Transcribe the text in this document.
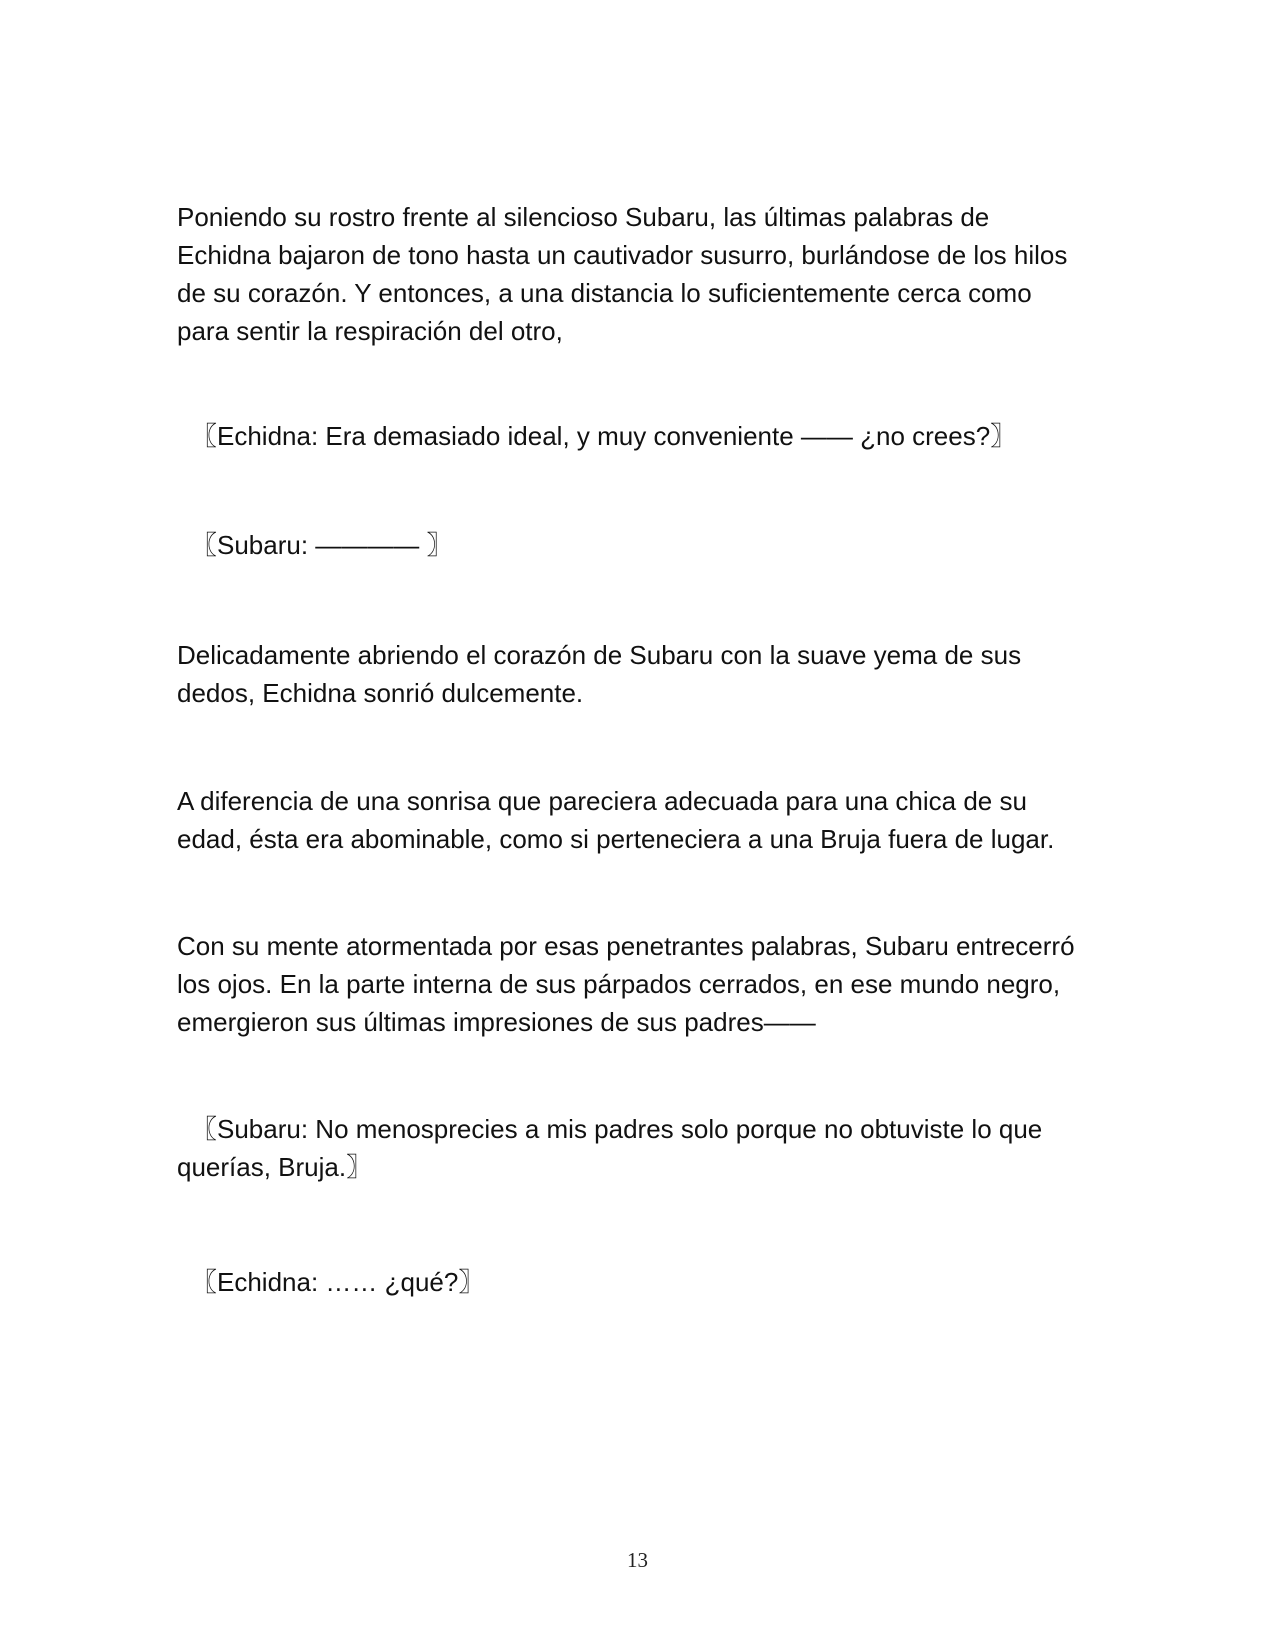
Poniendo su rostro frente al silencioso Subaru, las últimas palabras de
Echidna bajaron de tono hasta un cautivador susurro, burlándose de los hilos
de su corazón. Y entonces, a una distancia lo suficientemente cerca como
para sentir la respiración del otro,
〖Echidna: Era demasiado ideal, y muy conveniente —— ¿no crees?〗
〖Subaru: ———— 〗
Delicadamente abriendo el corazón de Subaru con la suave yema de sus
dedos, Echidna sonrió dulcemente.
A diferencia de una sonrisa que pareciera adecuada para una chica de su
edad, ésta era abominable, como si perteneciera a una Bruja fuera de lugar.
Con su mente atormentada por esas penetrantes palabras, Subaru entrecerró
los ojos. En la parte interna de sus párpados cerrados, en ese mundo negro,
emergieron sus últimas impresiones de sus padres——
〖Subaru: No menosprecies a mis padres solo porque no obtuviste lo que
querías, Bruja.〗
〖Echidna: …… ¿qué?〗
13
